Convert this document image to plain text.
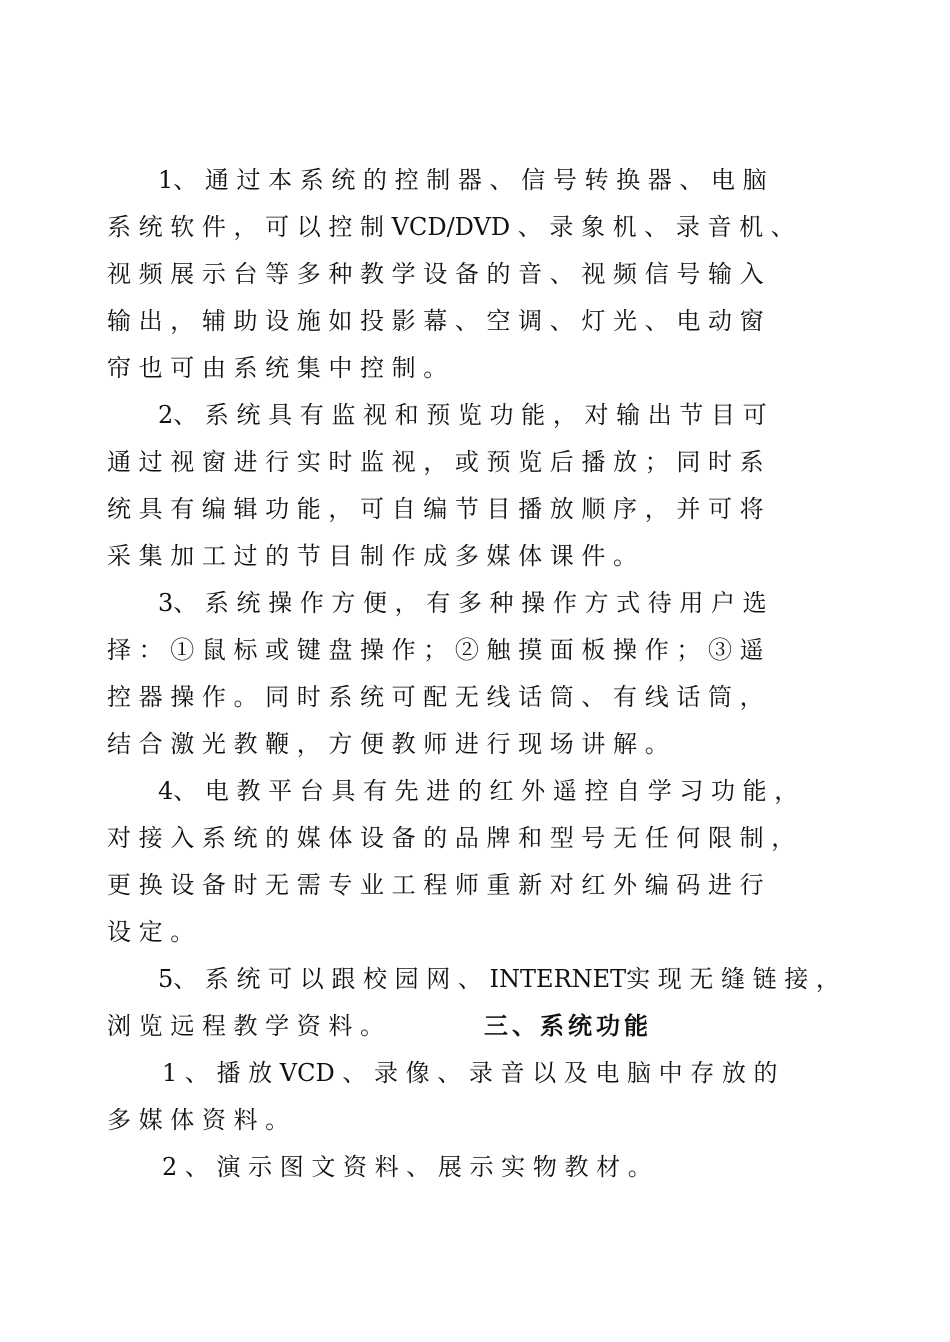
1、 通 过 本 系 统 的 控 制 器 、 信 号 转 换 器 、 电 脑
系 统 软 件 ， 可 以 控 制 VCD/DVD 、 录 象 机 、 录 音 机 、
视 频 展 示 台 等 多 种 教 学 设 备 的 音 、 视 频 信 号 输 入
输 出 ， 辅 助 设 施 如 投 影 幕 、 空 调 、 灯 光 、 电 动 窗
帘 也 可 由 系 统 集 中 控 制 。
2、 系 统 具 有 监 视 和 预 览 功 能 ， 对 输 出 节 目 可
通 过 视 窗 进 行 实 时 监 视 ， 或 预 览 后 播 放 ； 同 时 系
统 具 有 编 辑 功 能 ， 可 自 编 节 目 播 放 顺 序 ， 并 可 将
采 集 加 工 过 的 节 目 制 作 成 多 媒 体 课 件 。
3、 系 统 操 作 方 便 ， 有 多 种 操 作 方 式 待 用 户 选
择 ： ① 鼠 标 或 键 盘 操 作 ； ② 触 摸 面 板 操 作 ； ③ 遥
控 器 操 作 。 同 时 系 统 可 配 无 线 话 筒 、 有 线 话 筒 ，
结 合 激 光 教 鞭 ， 方 便 教 师 进 行 现 场 讲 解 。
4、 电 教 平 台 具 有 先 进 的 红 外 遥 控 自 学 习 功 能 ，
对 接 入 系 统 的 媒 体 设 备 的 品 牌 和 型 号 无 任 何 限 制 ，
更 换 设 备 时 无 需 专 业 工 程 师 重 新 对 红 外 编 码 进 行
设 定 。
5、 系 统 可 以 跟 校 园 网 、 INTERNET实 现 无 缝 链 接 ，
浏 览 远 程 教 学 资 料 。	三、系统功能
1 、 播 放 VCD 、 录 像 、 录 音 以 及 电 脑 中 存 放 的
多 媒 体 资 料 。
2 、 演 示 图 文 资 料 、 展 示 实 物 教 材 。
